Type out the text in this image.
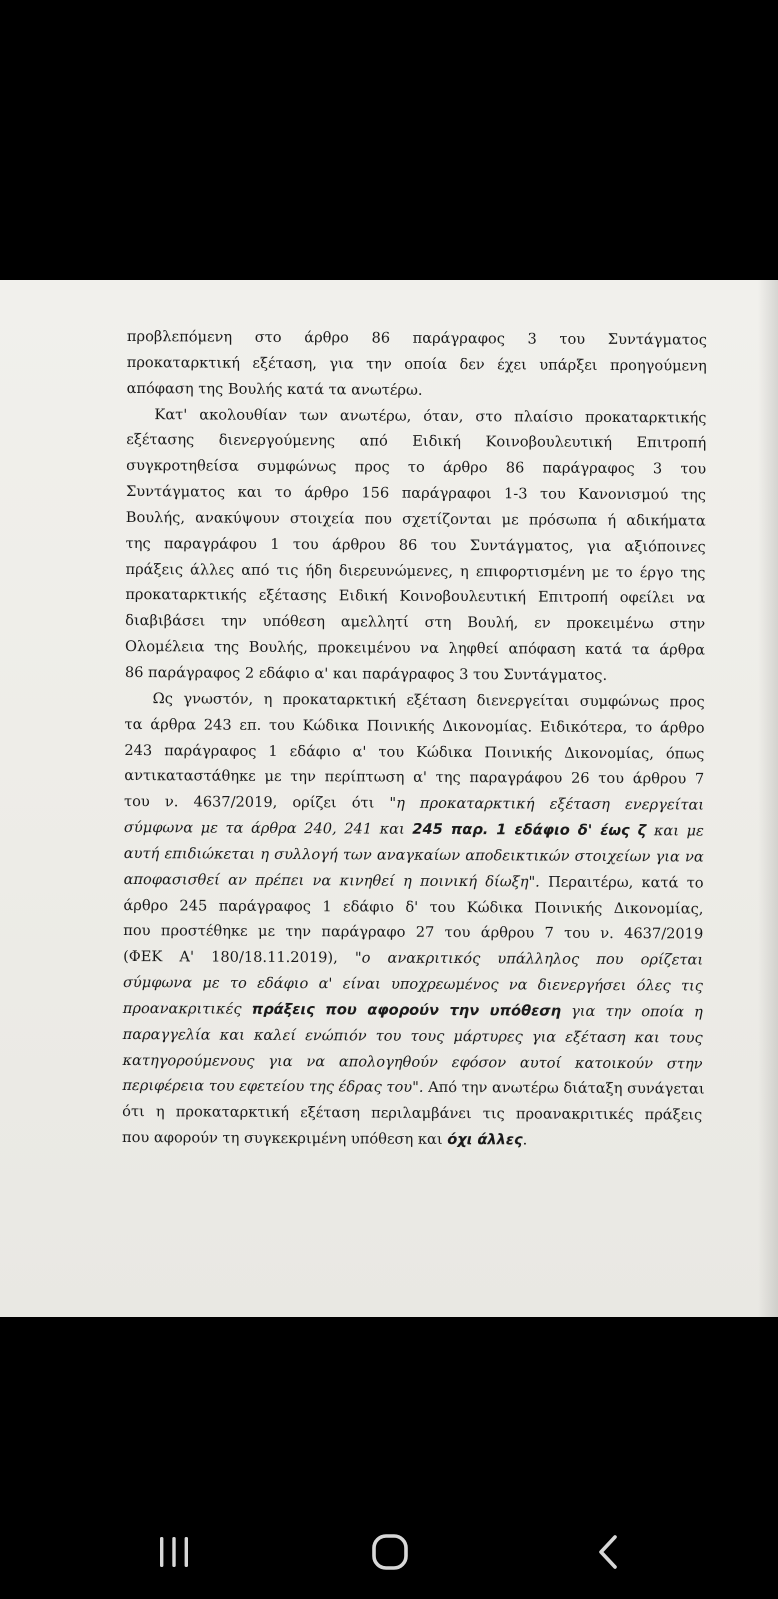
προβλεπόμενη στο άρθρο 86 παράγραφος 3 του Συντάγματος
προκαταρκτική εξέταση, για την οποία δεν έχει υπάρξει προηγούμενη
απόφαση της Βουλής κατά τα ανωτέρω.

Κατ' ακολουθίαν των ανωτέρω, όταν, στο πλαίσιο προκαταρκτικής
εξέτασης διενεργούμενης από Ειδική Κοινοβουλευτική Επιτροπή
συγκροτηθείσα συμφώνως προς το άρθρο 86 παράγραφος 3 του
Συντάγματος και το άρθρο 156 παράγραφοι 1-3 του Κανονισμού της
Βουλής, ανακύψουν στοιχεία που σχετίζονται με πρόσωπα ή αδικήματα
της παραγράφου 1 του άρθρου 86 του Συντάγματος, για αξιόποινες
πράξεις άλλες από τις ήδη διερευνώμενες, η επιφορτισμένη με το έργο της
προκαταρκτικής εξέτασης Ειδική Κοινοβουλευτική Επιτροπή οφείλει να
διαβιβάσει την υπόθεση αμελλητί στη Βουλή, εν προκειμένω στην
Ολομέλεια της Βουλής, προκειμένου να ληφθεί απόφαση κατά τα άρθρα
86 παράγραφος 2 εδάφιο α' και παράγραφος 3 του Συντάγματος.

Ως γνωστόν, η προκαταρκτική εξέταση διενεργείται συμφώνως προς
τα άρθρα 243 επ. του Κώδικα Ποινικής Δικονομίας. Ειδικότερα, το άρθρο
243 παράγραφος 1 εδάφιο α' του Κώδικα Ποινικής Δικονομίας, όπως
αντικαταστάθηκε με την περίπτωση α' της παραγράφου 26 του άρθρου 7
του ν. 4637/2019, ορίζει ότι "η προκαταρκτική εξέταση ενεργείται
σύμφωνα με τα άρθρα 240, 241 και 245 παρ. 1 εδάφιο δ' έως ζ και με
αυτή επιδιώκεται η συλλογή των αναγκαίων αποδεικτικών στοιχείων για να
αποφασισθεί αν πρέπει να κινηθεί η ποινική δίωξη". Περαιτέρω, κατά το
άρθρο 245 παράγραφος 1 εδάφιο δ' του Κώδικα Ποινικής Δικονομίας,
που προστέθηκε με την παράγραφο 27 του άρθρου 7 του ν. 4637/2019
(ΦΕΚ Α' 180/18.11.2019), "ο ανακριτικός υπάλληλος που ορίζεται
σύμφωνα με το εδάφιο α' είναι υποχρεωμένος να διενεργήσει όλες τις
προανακριτικές πράξεις που αφορούν την υπόθεση για την οποία η
παραγγελία και καλεί ενώπιόν του τους μάρτυρες για εξέταση και τους
κατηγορούμενους για να απολογηθούν εφόσον αυτοί κατοικούν στην
περιφέρεια του εφετείου της έδρας του". Από την ανωτέρω διάταξη συνάγεται
ότι η προκαταρκτική εξέταση περιλαμβάνει τις προανακριτικές πράξεις
που αφορούν τη συγκεκριμένη υπόθεση και όχι άλλες.
